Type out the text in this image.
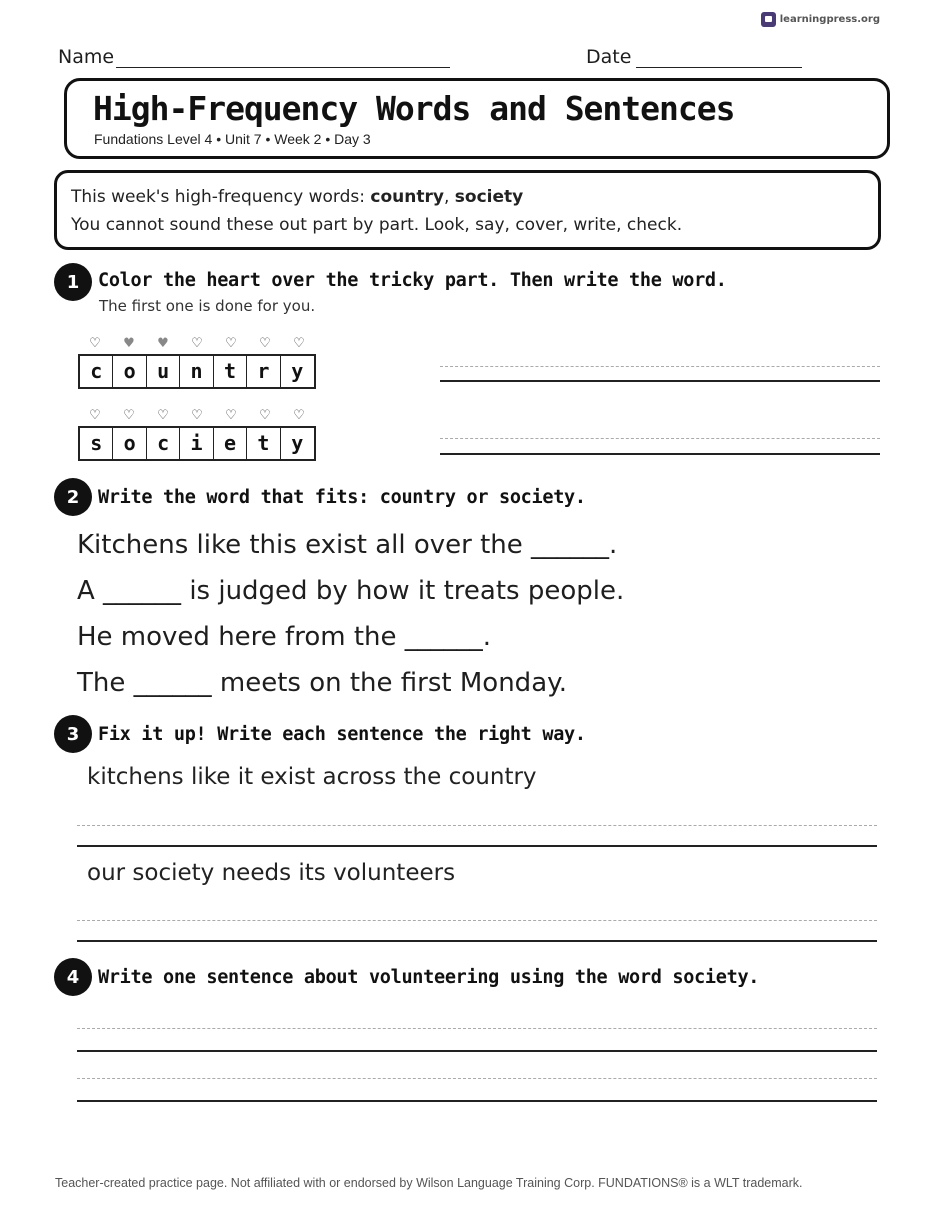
learningpress.org
Name	Date
High-Frequency Words and Sentences
Fundations Level 4 • Unit 7 • Week 2 • Day 3

This week's high-frequency words: country, society

You cannot sound these out part by part. Look, say, cover, write, check.

1	Color the heart over the tricky part. Then write the word.
The first one is done for you.
♡	♥	♥	♡	♡	♡	♡
c	o	u	n	t	r	y
♡	♡	♡	♡	♡	♡	♡
s	o	c	i	e	t	y
2	Write the word that fits: country or society.
Kitchens like this exist all over the ______.
A ______ is judged by how it treats people.
He moved here from the ______.
The ______ meets on the first Monday.
3	Fix it up! Write each sentence the right way.
kitchens like it exist across the country
our society needs its volunteers
4	Write one sentence about volunteering using the word society.
Teacher-created practice page. Not affiliated with or endorsed by Wilson Language Training Corp. FUNDATIONS® is a WLT trademark.
